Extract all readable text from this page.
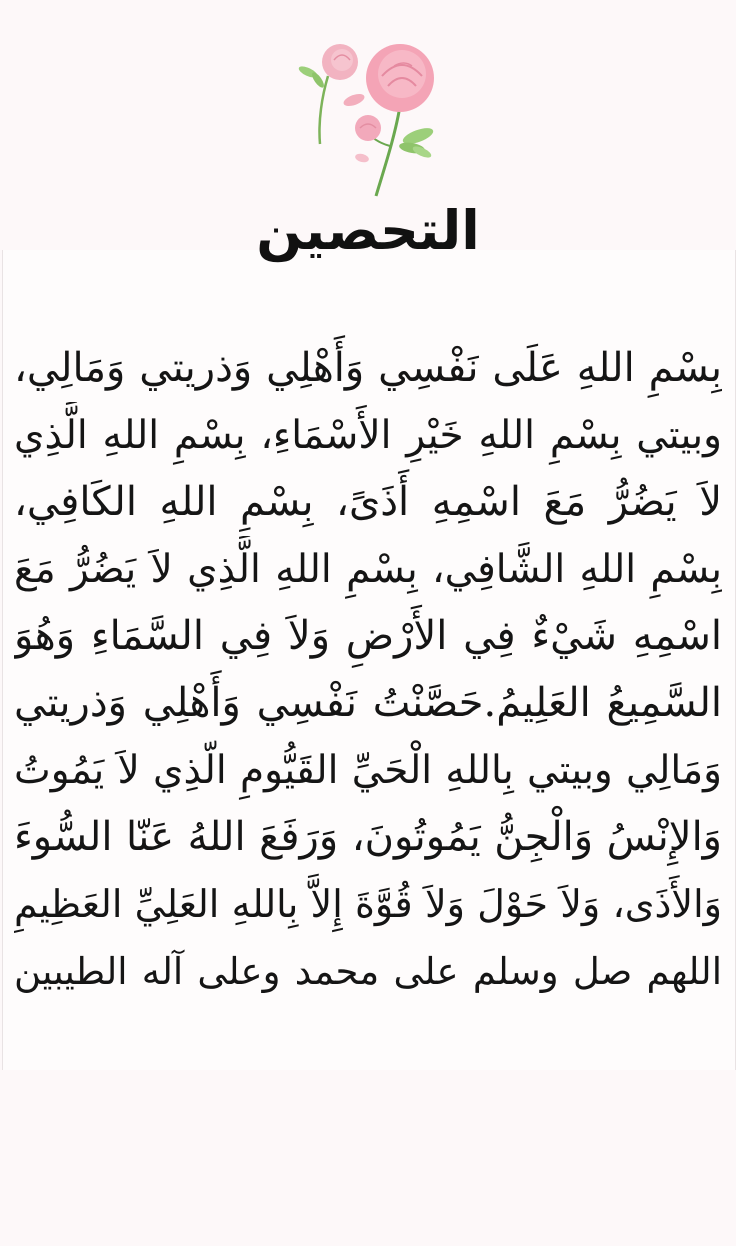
التحصين
بِسْمِ اللهِ عَلَى نَفْسِي وَأَهْلِي وَذريتي وَمَالِي،
وبيتي بِسْمِ اللهِ خَيْرِ الأَسْمَاءِ، بِسْمِ اللهِ الَّذِي
لاَ يَضُرُّ مَعَ اسْمِهِ أَذَىً، بِسْمِ اللهِ الكَافِي،
بِسْمِ اللهِ الشَّافِي، بِسْمِ اللهِ الَّذِي لاَ يَضُرُّ مَعَ
اسْمِهِ شَيْءٌ فِي الأَرْضِ وَلاَ فِي السَّمَاءِ وَهُوَ
السَّمِيعُ العَلِيمُ.حَصَّنْتُ نَفْسِي وَأَهْلِي وَذريتي
وَمَالِي وبيتي بِاللهِ الْحَيِّ القَيُّومِ الّذِي لاَ يَمُوتُ
وَالإِنْسُ وَالْجِنُّ يَمُوتُونَ، وَرَفَعَ اللهُ عَنّا السُّوءَ
وَالأَذَى، وَلاَ حَوْلَ وَلاَ قُوَّةَ إِلاَّ بِاللهِ العَلِيِّ العَظِيمِ
اللهم صل وسلم على محمد وعلى آله الطيبين
